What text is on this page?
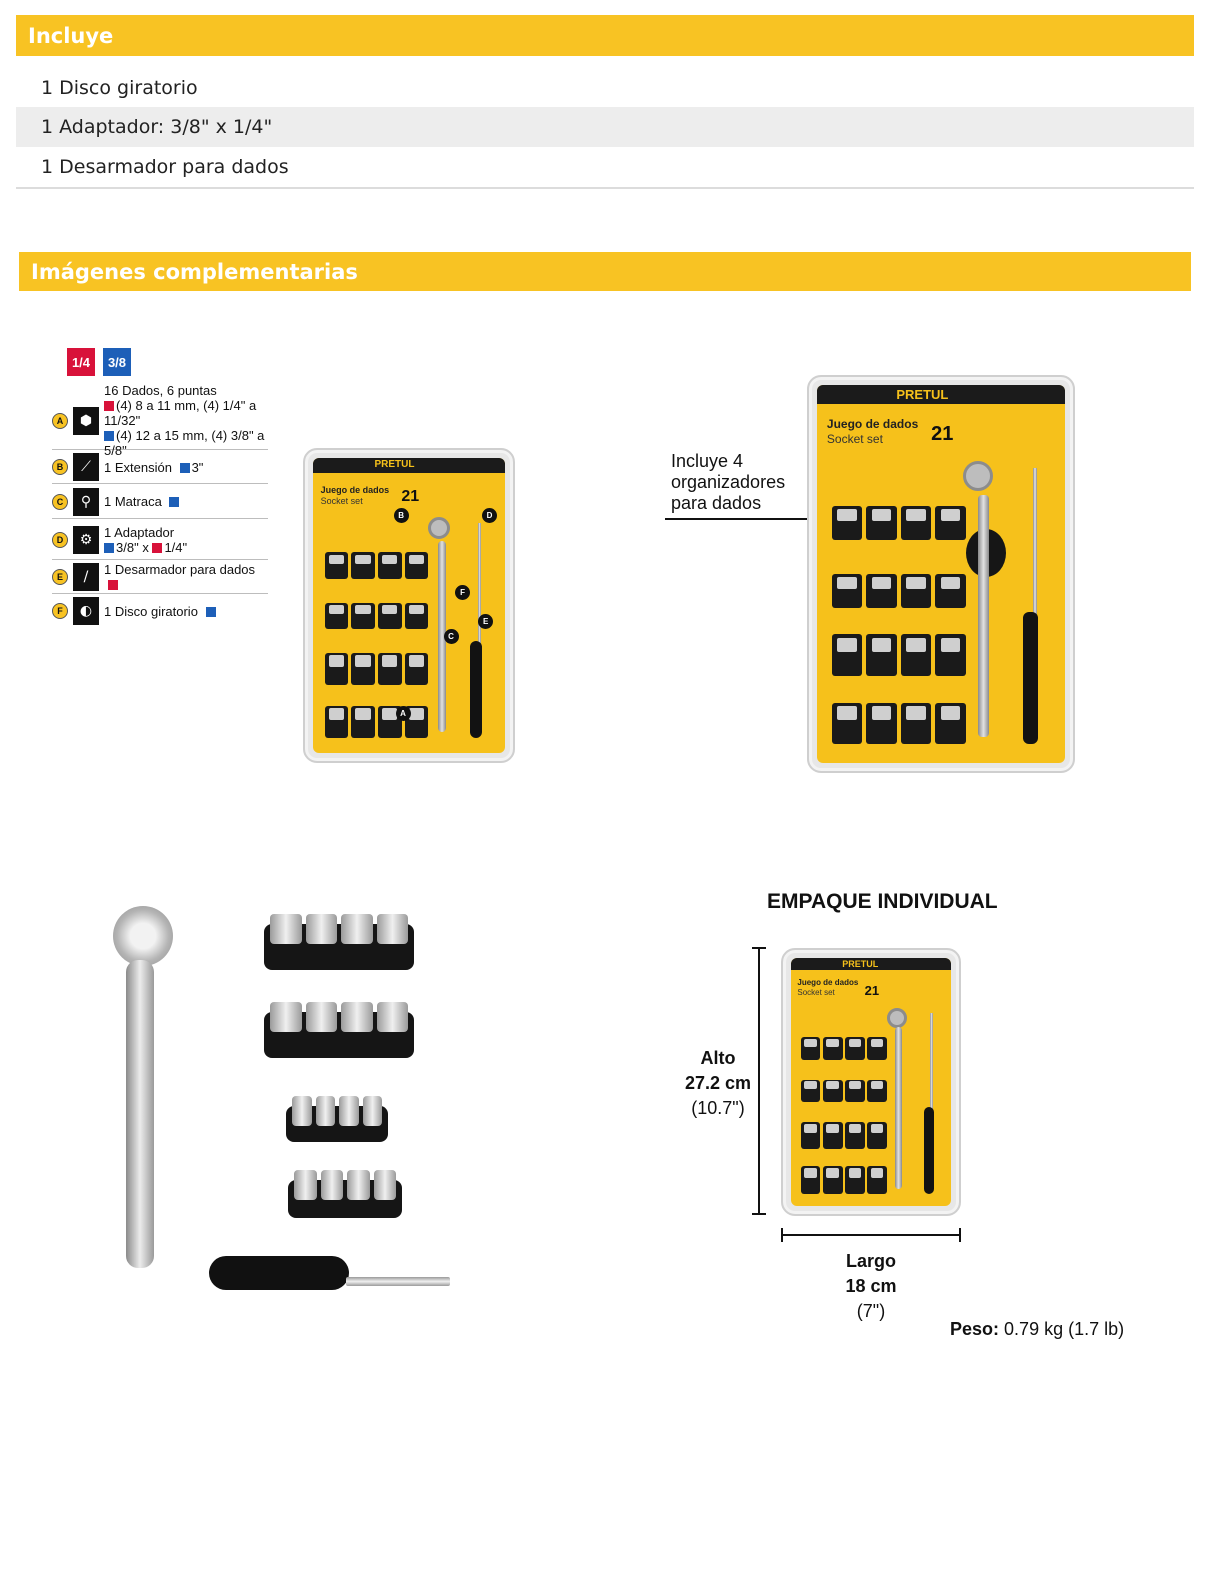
Incluye
1 Disco giratorio
1 Adaptador: 3/8" x 1/4"
1 Desarmador para dados
Imágenes complementarias
1/4 3/8
A	⬢
16 Dados, 6 puntas
(4) 8 a 11 mm, (4) 1/4" a 11/32"
(4) 12 a 15 mm, (4) 3/8" a 5/8"
B	⟋	1 Extensión 3"
C	⚲ 1 Matraca
D	⚙ 1 Adaptador
3/8" x 1/4"
E	/	1 Desarmador para dados
F	◐ 1 Disco giratorio
PRETUL
Juego de dados
Socket set 21
B	D
F
C
E
A
Incluye 4
organizadores
para dados
PRETUL
Juego de dados
Socket set 21
EMPAQUE INDIVIDUAL
Alto
27.2 cm
(10.7")
PRETUL
Juego de dados
Socket set 21
Largo
18 cm
(7")
Peso: 0.79 kg (1.7 lb)
